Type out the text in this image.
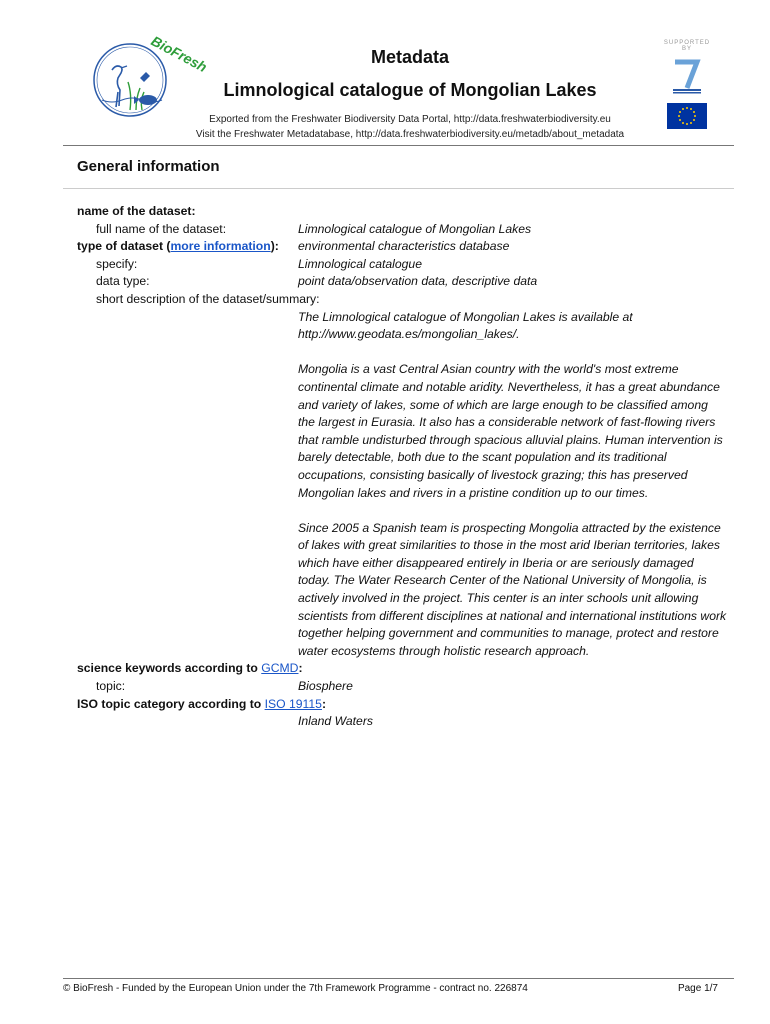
BioFresh	SUPPORTED BY
Metadata
Limnological catalogue of Mongolian Lakes
Exported from the Freshwater Biodiversity Data Portal, http://data.freshwaterbiodiversity.eu
Visit the Freshwater Metadatabase, http://data.freshwaterbiodiversity.eu/metadb/about_metadata
General information
name of the dataset:
full name of the dataset:	Limnological catalogue of Mongolian Lakes
type of dataset (more information): environmental characteristics database
specify:	Limnological catalogue
data type:	point data/observation data, descriptive data
short description of the dataset/summary:

The Limnological catalogue of Mongolian Lakes is available at http://www.geodata.es/mongolian_lakes/.

Mongolia is a vast Central Asian country with the world's most extreme continental climate and notable aridity. Nevertheless, it has a great abundance and variety of lakes, some of which are large enough to be classified among the largest in Eurasia. It also has a considerable network of fast-flowing rivers that ramble undisturbed through spacious alluvial plains. Human intervention is barely detectable, both due to the scant population and its traditional occupations, consisting basically of livestock grazing; this has preserved Mongolian lakes and rivers in a pristine condition up to our times.

Since 2005 a Spanish team is prospecting Mongolia attracted by the existence of lakes with great similarities to those in the most arid Iberian territories, lakes which have either disappeared entirely in Iberia or are seriously damaged today. The Water Research Center of the National University of Mongolia, is actively involved in the project. This center is an inter schools unit allowing scientists from different disciplines at national and international institutions work together helping government and communities to manage, protect and restore water ecosystems through holistic research approach.

science keywords according to GCMD:
topic:	Biosphere
ISO topic category according to ISO 19115:
Inland Waters
© BioFresh - Funded by the European Union under the 7th Framework Programme - contract no. 226874	Page 1/7
